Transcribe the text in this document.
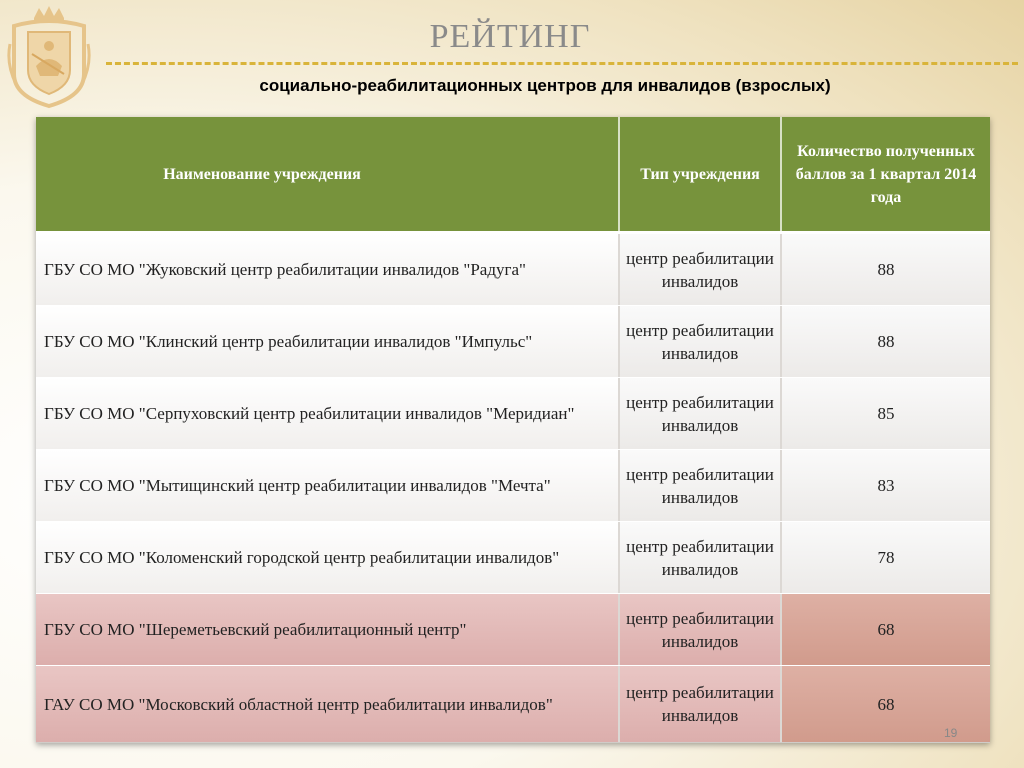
РЕЙТИНГ
социально-реабилитационных центров для инвалидов (взрослых)
Наименование учреждения	Тип учреждения
Количество полученных баллов за 1 квартал 2014 года
ГБУ СО МО "Жуковский центр реабилитации инвалидов "Радуга"
центр реабилитации инвалидов
88
ГБУ СО МО "Клинский центр реабилитации инвалидов "Импульс"
центр реабилитации инвалидов
88
ГБУ СО МО "Серпуховский центр реабилитации инвалидов "Меридиан"
центр реабилитации инвалидов
85
ГБУ СО МО "Мытищинский центр реабилитации инвалидов "Мечта"
центр реабилитации инвалидов
83
ГБУ СО МО "Коломенский городской центр реабилитации инвалидов"
центр реабилитации инвалидов
78
ГБУ СО МО "Шереметьевский реабилитационный центр"
центр реабилитации инвалидов
68
ГАУ СО МО "Московский областной центр реабилитации инвалидов"
центр реабилитации инвалидов
68
19
